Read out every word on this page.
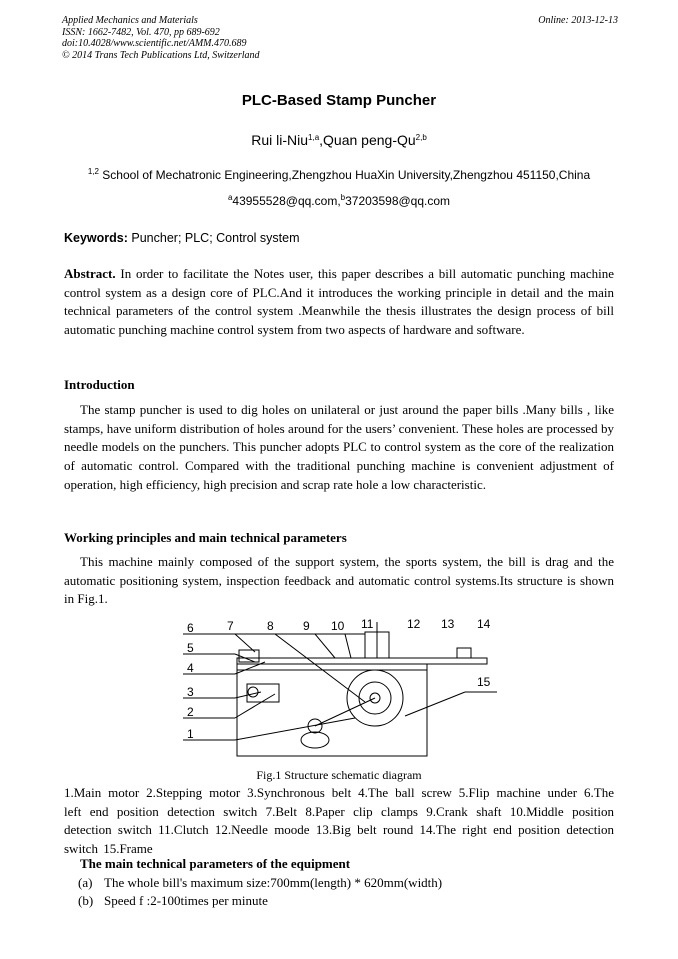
Applied Mechanics and Materials
ISSN: 1662-7482, Vol. 470, pp 689-692
doi:10.4028/www.scientific.net/AMM.470.689
© 2014 Trans Tech Publications Ltd, Switzerland
Online: 2013-12-13
PLC-Based Stamp Puncher
Rui li-Niu$^{1,a}$,Quan peng-Qu$^{2,b}$
$^{1,2}$ School of Mechatronic Engineering,Zhengzhou HuaXin University,Zhengzhou 451150,China
$^a$43955528@qq.com,$^b$37203598@qq.com
Keywords: Puncher; PLC; Control system
Abstract. In order to facilitate the Notes user, this paper describes a bill automatic punching machine control system as a design core of PLC.And it introduces the working principle in detail and the main technical parameters of the control system .Meanwhile the thesis illustrates the design process of bill automatic punching machine control system from two aspects of hardware and software.
Introduction
The stamp puncher is used to dig holes on unilateral or just around the paper bills .Many bills , like stamps, have uniform distribution of holes around for the users’ convenient. These holes are processed by needle models on the punchers. This puncher adopts PLC to control system as the core of the realization of automatic control. Compared with the traditional punching machine is convenient adjustment of operation, high efficiency, high precision and scrap rate hole a low characteristic.
Working principles and main technical parameters
This machine mainly composed of the support system, the sports system, the bill is drag and the automatic positioning system, inspection feedback and automatic control systems.Its structure is shown in Fig.1.
6	7	8 9 10 11	12 13 14
5
4
3
2
1
15
Fig.1 Structure schematic diagram
1.Main motor 2.Stepping motor 3.Synchronous belt 4.The ball screw 5.Flip machine under 6.The left end position detection switch 7.Belt 8.Paper clip clamps 9.Crank shaft 10.Middle position detection switch 11.Clutch 12.Needle moode 13.Big belt round 14.The right end position detection switch 15.Frame
The main technical parameters of the equipment
(a) The whole bill's maximum size:700mm(length) * 620mm(width)
(b) Speed f :2-100times per minute
